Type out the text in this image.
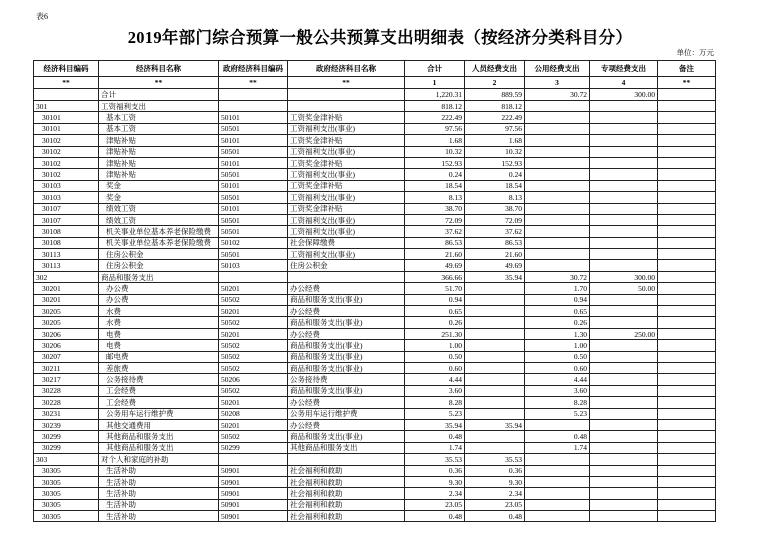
表6
2019年部门综合预算一般公共预算支出明细表（按经济分类科目分）
单位：万元
经济科目编码	经济科目名称	政府经济科目编码	政府经济科目名称	合计	人员经费支出	公用经费支出	专项经费支出	备注
**	**	**	**	1	2	3	4	**
	合计			1,220.31	889.59	30.72	300.00	
301	工资福利支出			818.12	818.12			
30101	基本工资	50101	工资奖金津补贴	222.49	222.49			
30101	基本工资	50501	工资福利支出(事业)	97.56	97.56			
30102	津贴补贴	50101	工资奖金津补贴	1.68	1.68			
30102	津贴补贴	50501	工资福利支出(事业)	10.32	10.32			
30102	津贴补贴	50101	工资奖金津补贴	152.93	152.93			
30102	津贴补贴	50501	工资福利支出(事业)	0.24	0.24			
30103	奖金	50101	工资奖金津补贴	18.54	18.54			
30103	奖金	50501	工资福利支出(事业)	8.13	8.13			
30107	绩效工资	50101	工资奖金津补贴	38.70	38.70			
30107	绩效工资	50501	工资福利支出(事业)	72.09	72.09			
30108	机关事业单位基本养老保险缴费	50501	工资福利支出(事业)	37.62	37.62			
30108	机关事业单位基本养老保险缴费	50102	社会保障缴费	86.53	86.53			
30113	住房公积金	50501	工资福利支出(事业)	21.60	21.60			
30113	住房公积金	50103	住房公积金	49.69	49.69			
302	商品和服务支出			366.66	35.94	30.72	300.00	
30201	办公费	50201	办公经费	51.70		1.70	50.00	
30201	办公费	50502	商品和服务支出(事业)	0.94		0.94		
30205	水费	50201	办公经费	0.65		0.65		
30205	水费	50502	商品和服务支出(事业)	0.26		0.26		
30206	电费	50201	办公经费	251.30		1.30	250.00	
30206	电费	50502	商品和服务支出(事业)	1.00		1.00		
30207	邮电费	50502	商品和服务支出(事业)	0.50		0.50		
30211	差旅费	50502	商品和服务支出(事业)	0.60		0.60		
30217	公务接待费	50206	公务接待费	4.44		4.44		
30228	工会经费	50502	商品和服务支出(事业)	3.60		3.60		
30228	工会经费	50201	办公经费	8.28		8.28		
30231	公务用车运行维护费	50208	公务用车运行维护费	5.23		5.23		
30239	其他交通费用	50201	办公经费	35.94	35.94			
30299	其他商品和服务支出	50502	商品和服务支出(事业)	0.48		0.48		
30299	其他商品和服务支出	50299	其他商品和服务支出	1.74		1.74		
303	对个人和家庭的补助			35.53	35.53			
30305	生活补助	50901	社会福利和救助	0.36	0.36			
30305	生活补助	50901	社会福利和救助	9.30	9.30			
30305	生活补助	50901	社会福利和救助	2.34	2.34			
30305	生活补助	50901	社会福利和救助	23.05	23.05			
30305	生活补助	50901	社会福利和救助	0.48	0.48			
